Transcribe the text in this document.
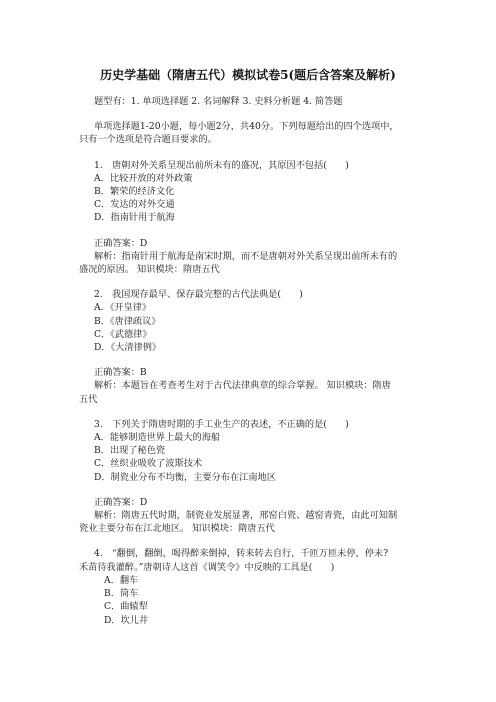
历史学基础（隋唐五代）模拟试卷5(题后含答案及解析)
题型有：1. 单项选择题 2. 名词解释 3. 史料分析题 4. 简答题
单项选择题1-20小题，每小题2分，共40分。下列每题给出的四个选项中，
只有一个选项是符合题目要求的。
1.　唐朝对外关系呈现出前所未有的盛况，其原因不包括(　　)
A．比较开放的对外政策
B．繁荣的经济文化
C．发达的对外交通
D．指南针用于航海
正确答案：D
解析：指南针用于航海是南宋时期，而不是唐朝对外关系呈现出前所未有的
盛况的原因。 知识模块：隋唐五代
2.　我国现存最早、保存最完整的古代法典是(　　)
A．《开皇律》
B．《唐律疏议》
C．《武德律》
D．《大清律例》
正确答案：B
解析：本题旨在考查考生对于古代法律典章的综合掌握。 知识模块：隋唐
五代
3.　下列关于隋唐时期的手工业生产的表述，不正确的是(　　)
A．能够制造世界上最大的海船
B．出现了秘色瓷
C．丝织业吸收了波斯技术
D．制瓷业分布不均衡，主要分布在江南地区
正确答案：D
解析：隋唐五代时期，制瓷业发展显著，邢窑白瓷、越窑青瓷，由此可知制
瓷业主要分布在江北地区。 知识模块：隋唐五代
4.　“翻倒，翻倒，喝得醉来倒掉，转来转去自行，千匝万匝未停，停未?
禾苗待我灌醉。”唐朝诗人这首《调笑令》中反映的工具是(　　)
A．翻车
B．筒车
C．曲辕犁
D．坎儿井
